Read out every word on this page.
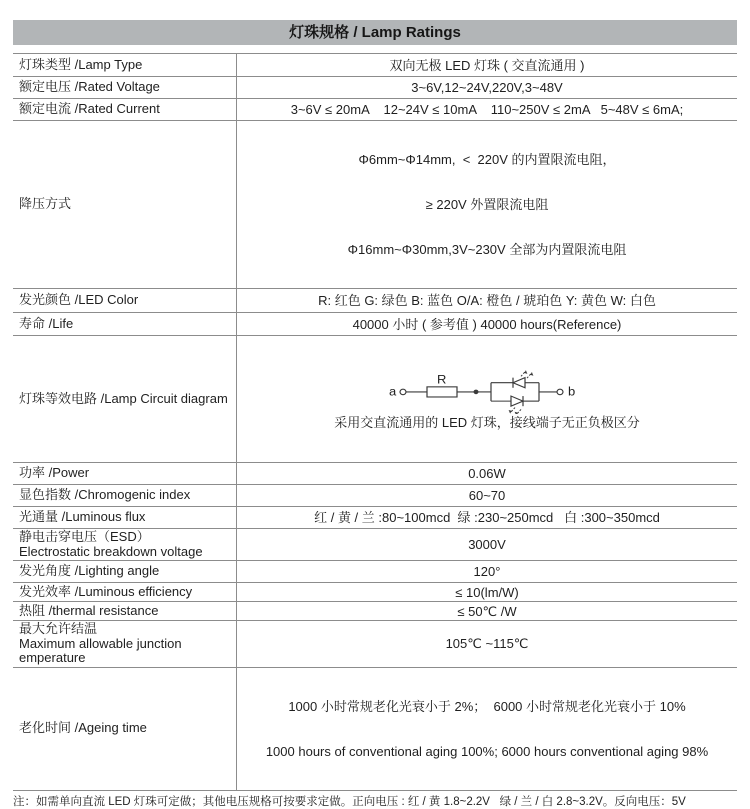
灯珠规格 / Lamp Ratings
灯珠类型 /Lamp Type	双向无极 LED 灯珠 ( 交直流通用 )

额定电压 /Rated Voltage	3~6V,12~24V,220V,3~48V

额定电流 /Rated Current	3~6V ≤ 20mA    12~24V ≤ 10mA    110~250V ≤ 2mA   5~48V ≤ 6mA;

降压方式	Φ6mm~Φ14mm,  <  220V 的内置限流电阻，

≥ 220V 外置限流电阻

Φ16mm~Φ30mm,3V~230V 全部为内置限流电阻

发光颜色 /LED Color	R: 红色 G: 绿色 B: 蓝色 O/A: 橙色 / 琥珀色 Y: 黄色 W: 白色

寿命 /Life	40000 小时 ( 参考值 ) 40000 hours(Reference)

灯珠等效电路 /Lamp Circuit diagram	a
R
b
采用交直流通用的 LED 灯珠，接线端子无正负极区分

功率 /Power	0.06W

显色指数 /Chromogenic index	60~70

光通量 /Luminous flux	红 / 黄 / 兰 :80~100mcd  绿 :230~250mcd   白 :300~350mcd

静电击穿电压（ESD）
Electrostatic breakdown voltage	3000V

发光角度 /Lighting angle	120°

发光效率 /Luminous efficiency	≤ 10(lm/W)

热阻 /thermal resistance	≤ 50℃ /W

最大允许结温
Maximum allowable junction emperature	105℃ ~115℃

老化时间 /Ageing time	1000 小时常规老化光衰小于 2%；  6000 小时常规老化光衰小于 10%

1000 hours of conventional aging 100%; 6000 hours conventional aging 98%

注：如需单向直流 LED 灯珠可定做；其他电压规格可按要求定做。正向电压 : 红 / 黄 1.8~2.2V   绿 / 兰 / 白 2.8~3.2V。反向电压：5V
